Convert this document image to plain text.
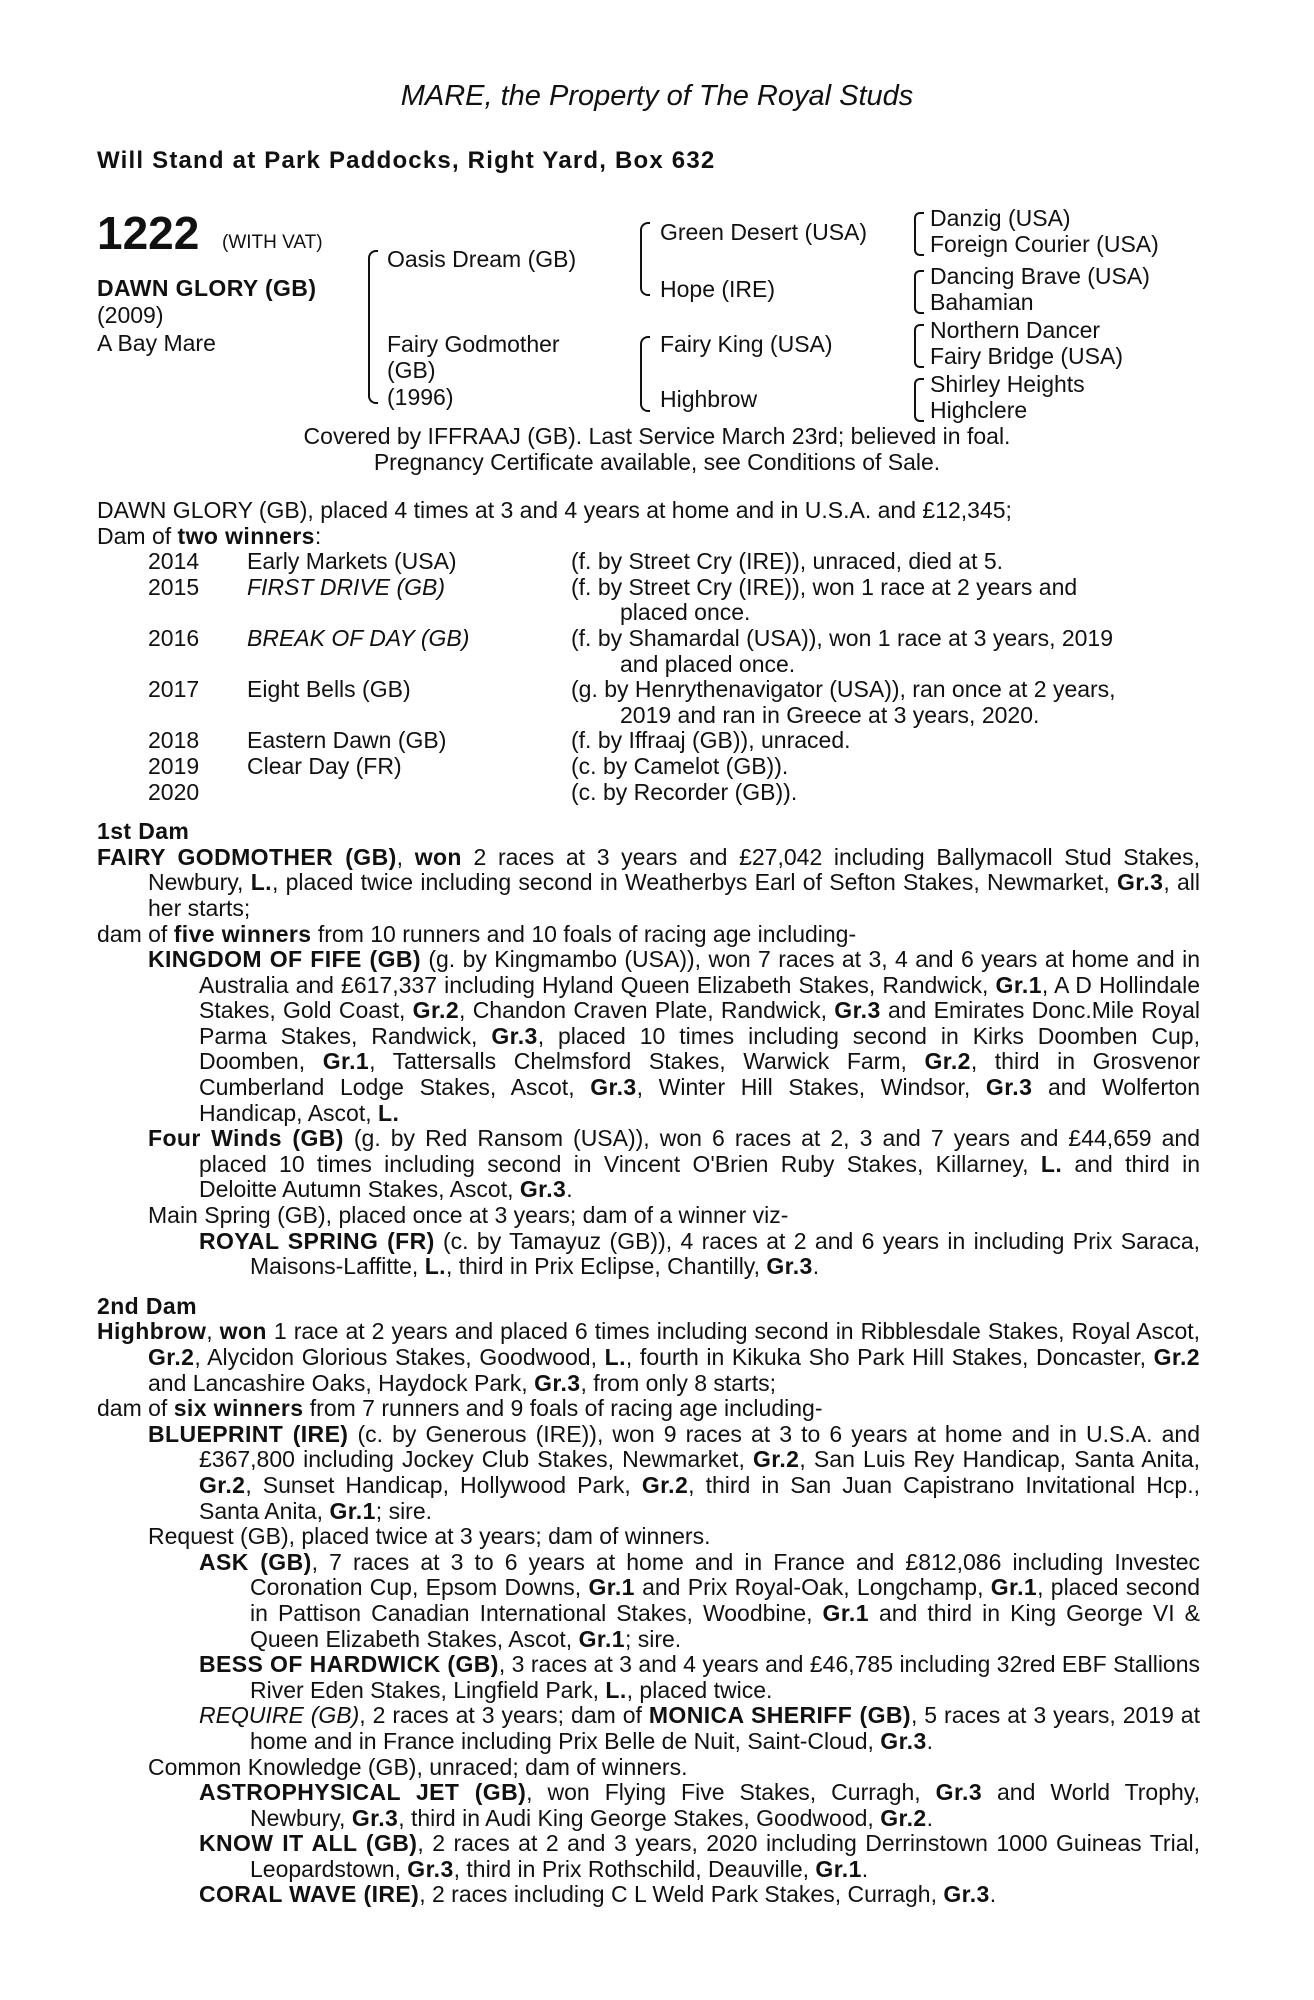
MARE, the Property of The Royal Studs
Will Stand at Park Paddocks, Right Yard, Box 632
1222 (WITH VAT)
DAWN GLORY (GB)
(2009)
A Bay Mare
Oasis Dream (GB)
Fairy Godmother
(GB)
(1996)
Green Desert (USA)
Hope (IRE)
Fairy King (USA)
Highbrow
Danzig (USA)
Foreign Courier (USA)
Dancing Brave (USA)
Bahamian
Northern Dancer
Fairy Bridge (USA)
Shirley Heights
Highclere
Covered by IFFRAAJ (GB). Last Service March 23rd; believed in foal.
Pregnancy Certificate available, see Conditions of Sale.

DAWN GLORY (GB), placed 4 times at 3 and 4 years at home and in U.S.A. and £12,345;

Dam of two winners:

2014 Early Markets (USA)	(f. by Street Cry (IRE)), unraced, died at 5.
2015 FIRST DRIVE (GB)	(f. by Street Cry (IRE)), won 1 race at 2 years and
placed once.
2016 BREAK OF DAY (GB)	(f. by Shamardal (USA)), won 1 race at 3 years, 2019
and placed once.
2017 Eight Bells (GB)	(g. by Henrythenavigator (USA)), ran once at 2 years,
2019 and ran in Greece at 3 years, 2020.
2018 Eastern Dawn (GB)	(f. by Iffraaj (GB)), unraced.
2019 Clear Day (FR)	(c. by Camelot (GB)).
2020	(c. by Recorder (GB)).
1st Dam

FAIRY GODMOTHER (GB), won 2 races at 3 years and £27,042 including Ballymacoll Stud Stakes, Newbury, L., placed twice including second in Weatherbys Earl of Sefton Stakes, Newmarket, Gr.3, all her starts;

dam of five winners from 10 runners and 10 foals of racing age including-

KINGDOM OF FIFE (GB) (g. by Kingmambo (USA)), won 7 races at 3, 4 and 6 years at home and in Australia and £617,337 including Hyland Queen Elizabeth Stakes, Randwick, Gr.1, A D Hollindale Stakes, Gold Coast, Gr.2, Chandon Craven Plate, Randwick, Gr.3 and Emirates Donc.Mile Royal Parma Stakes, Randwick, Gr.3, placed 10 times including second in Kirks Doomben Cup, Doomben, Gr.1, Tattersalls Chelmsford Stakes, Warwick Farm, Gr.2, third in Grosvenor Cumberland Lodge Stakes, Ascot, Gr.3, Winter Hill Stakes, Windsor, Gr.3 and Wolferton Handicap, Ascot, L.

Four Winds (GB) (g. by Red Ransom (USA)), won 6 races at 2, 3 and 7 years and £44,659 and placed 10 times including second in Vincent O'Brien Ruby Stakes, Killarney, L. and third in Deloitte Autumn Stakes, Ascot, Gr.3.

Main Spring (GB), placed once at 3 years; dam of a winner viz-

ROYAL SPRING (FR) (c. by Tamayuz (GB)), 4 races at 2 and 6 years in including Prix Saraca, Maisons-Laffitte, L., third in Prix Eclipse, Chantilly, Gr.3.

2nd Dam

Highbrow, won 1 race at 2 years and placed 6 times including second in Ribblesdale Stakes, Royal Ascot, Gr.2, Alycidon Glorious Stakes, Goodwood, L., fourth in Kikuka Sho Park Hill Stakes, Doncaster, Gr.2 and Lancashire Oaks, Haydock Park, Gr.3, from only 8 starts;

dam of six winners from 7 runners and 9 foals of racing age including-

BLUEPRINT (IRE) (c. by Generous (IRE)), won 9 races at 3 to 6 years at home and in U.S.A. and £367,800 including Jockey Club Stakes, Newmarket, Gr.2, San Luis Rey Handicap, Santa Anita, Gr.2, Sunset Handicap, Hollywood Park, Gr.2, third in San Juan Capistrano Invitational Hcp., Santa Anita, Gr.1; sire.

Request (GB), placed twice at 3 years; dam of winners.

ASK (GB), 7 races at 3 to 6 years at home and in France and £812,086 including Investec Coronation Cup, Epsom Downs, Gr.1 and Prix Royal-Oak, Longchamp, Gr.1, placed second in Pattison Canadian International Stakes, Woodbine, Gr.1 and third in King George VI & Queen Elizabeth Stakes, Ascot, Gr.1; sire.

BESS OF HARDWICK (GB), 3 races at 3 and 4 years and £46,785 including 32red EBF Stallions River Eden Stakes, Lingfield Park, L., placed twice.

REQUIRE (GB), 2 races at 3 years; dam of MONICA SHERIFF (GB), 5 races at 3 years, 2019 at home and in France including Prix Belle de Nuit, Saint-Cloud, Gr.3.

Common Knowledge (GB), unraced; dam of winners.

ASTROPHYSICAL JET (GB), won Flying Five Stakes, Curragh, Gr.3 and World Trophy, Newbury, Gr.3, third in Audi King George Stakes, Goodwood, Gr.2.

KNOW IT ALL (GB), 2 races at 2 and 3 years, 2020 including Derrinstown 1000 Guineas Trial, Leopardstown, Gr.3, third in Prix Rothschild, Deauville, Gr.1.

CORAL WAVE (IRE), 2 races including C L Weld Park Stakes, Curragh, Gr.3.
